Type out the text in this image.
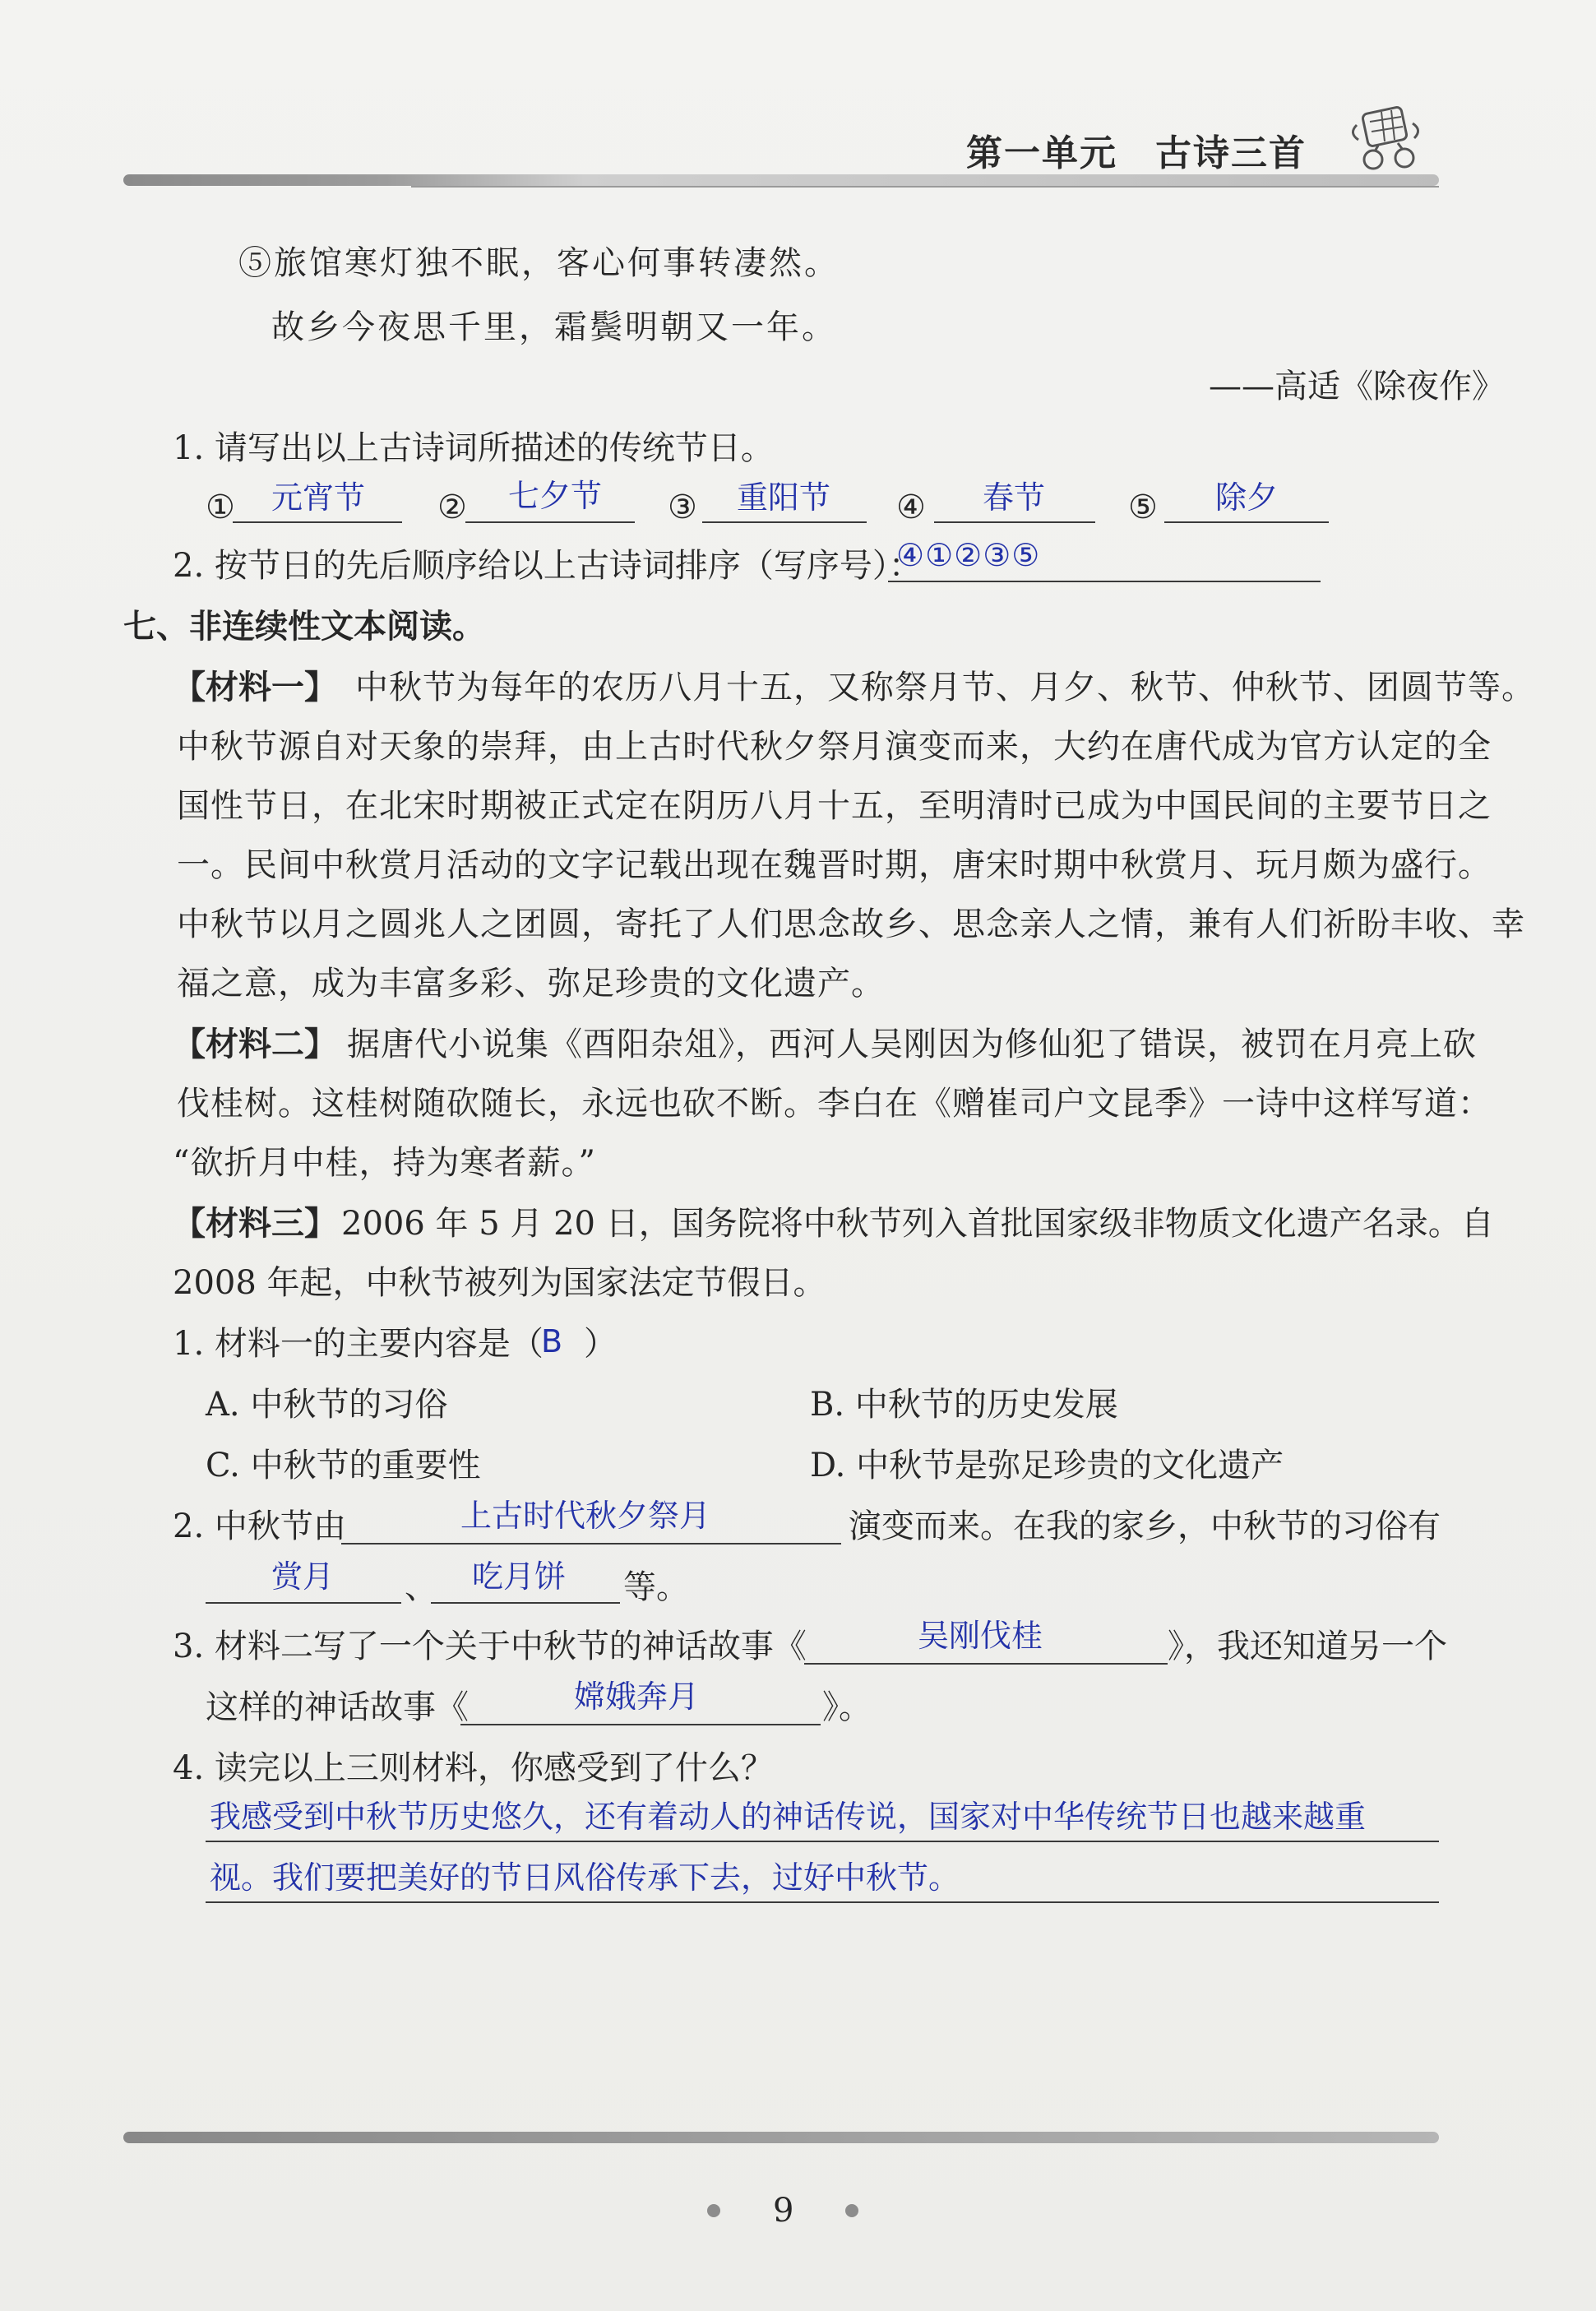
第一单元　古诗三首
⑤旅馆寒灯独不眠，客心何事转凄然。
故乡今夜思千里，霜鬓明朝又一年。
——高适《除夜作》
1. 请写出以上古诗词所描述的传统节日。
① 元宵节 ② 七夕节 ③ 重阳节 ④ 春节	⑤ 除夕
2. 按节日的先后顺序给以上古诗词排序（写序号）：
④①②③⑤
七、非连续性文本阅读。
【材料一】 中秋节为每年的农历八月十五，又称祭月节、月夕、秋节、仲秋节、团圆节等。
中秋节源自对天象的崇拜，由上古时代秋夕祭月演变而来，大约在唐代成为官方认定的全
国性节日，在北宋时期被正式定在阴历八月十五，至明清时已成为中国民间的主要节日之
一。民间中秋赏月活动的文字记载出现在魏晋时期，唐宋时期中秋赏月、玩月颇为盛行。
中秋节以月之圆兆人之团圆，寄托了人们思念故乡、思念亲人之情，兼有人们祈盼丰收、幸
福之意，成为丰富多彩、弥足珍贵的文化遗产。
【材料二】 据唐代小说集《酉阳杂俎》，西河人吴刚因为修仙犯了错误，被罚在月亮上砍
伐桂树。这桂树随砍随长，永远也砍不断。李白在《赠崔司户文昆季》一诗中这样写道：
“欲折月中桂，持为寒者薪。”
【材料三】 2006 年 5 月 20 日，国务院将中秋节列入首批国家级非物质文化遗产名录。自
2008 年起，中秋节被列为国家法定节假日。
1. 材料一的主要内容是（
B ）
A. 中秋节的习俗	B. 中秋节的历史发展
C. 中秋节的重要性	D. 中秋节是弥足珍贵的文化遗产
2. 中秋节由	上古时代秋夕祭月	演变而来。在我的家乡，中秋节的习俗有
赏月 、 吃月饼 等。
3. 材料二写了一个关于中秋节的神话故事《	吴刚伐桂	》，我还知道另一个
这样的神话故事《	嫦娥奔月	》。
4. 读完以上三则材料，你感受到了什么？
我感受到中秋节历史悠久，还有着动人的神话传说，国家对中华传统节日也越来越重
视。我们要把美好的节日风俗传承下去，过好中秋节。
9
